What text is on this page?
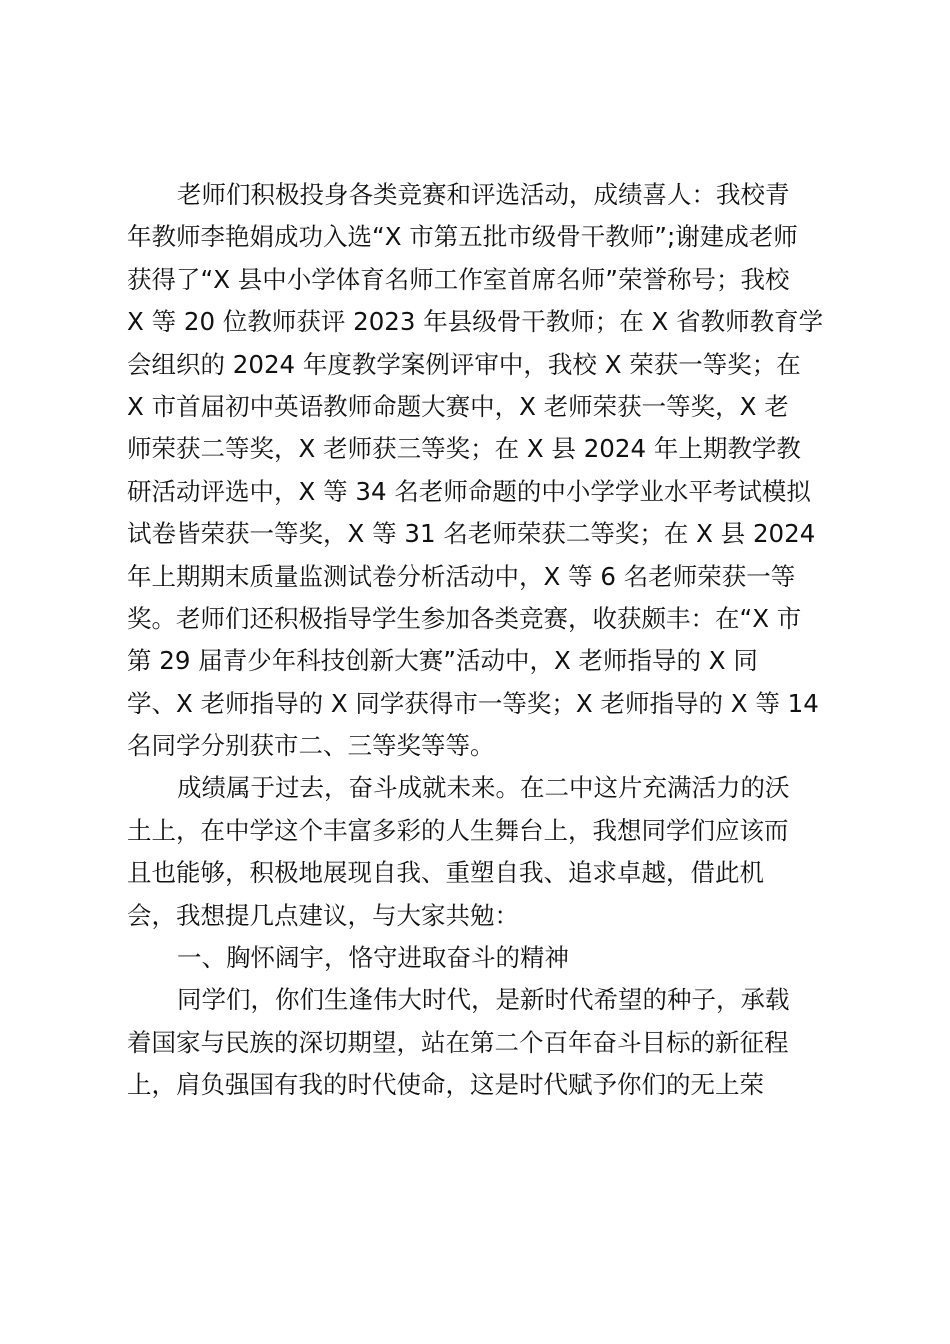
老师们积极投身各类竞赛和评选活动，成绩喜人：我校青
年教师李艳娟成功入选“X 市第五批市级骨干教师”;谢建成老师
获得了“X 县中小学体育名师工作室首席名师”荣誉称号；我校
X 等 20 位教师获评 2023 年县级骨干教师；在 X 省教师教育学
会组织的 2024 年度教学案例评审中，我校 X 荣获一等奖；在
X 市首届初中英语教师命题大赛中，X 老师荣获一等奖，X 老
师荣获二等奖，X 老师获三等奖；在 X 县 2024 年上期教学教
研活动评选中，X 等 34 名老师命题的中小学学业水平考试模拟
试卷皆荣获一等奖，X 等 31 名老师荣获二等奖；在 X 县 2024
年上期期末质量监测试卷分析活动中，X 等 6 名老师荣获一等
奖。老师们还积极指导学生参加各类竞赛，收获颇丰：在“X 市
第 29 届青少年科技创新大赛”活动中，X 老师指导的 X 同
学、X 老师指导的 X 同学获得市一等奖；X 老师指导的 X 等 14
名同学分别获市二、三等奖等等。
成绩属于过去，奋斗成就未来。在二中这片充满活力的沃
土上，在中学这个丰富多彩的人生舞台上，我想同学们应该而
且也能够，积极地展现自我、重塑自我、追求卓越，借此机
会，我想提几点建议，与大家共勉：
一、胸怀阔宇，恪守进取奋斗的精神
同学们，你们生逢伟大时代，是新时代希望的种子，承载
着国家与民族的深切期望，站在第二个百年奋斗目标的新征程
上，肩负强国有我的时代使命，这是时代赋予你们的无上荣
